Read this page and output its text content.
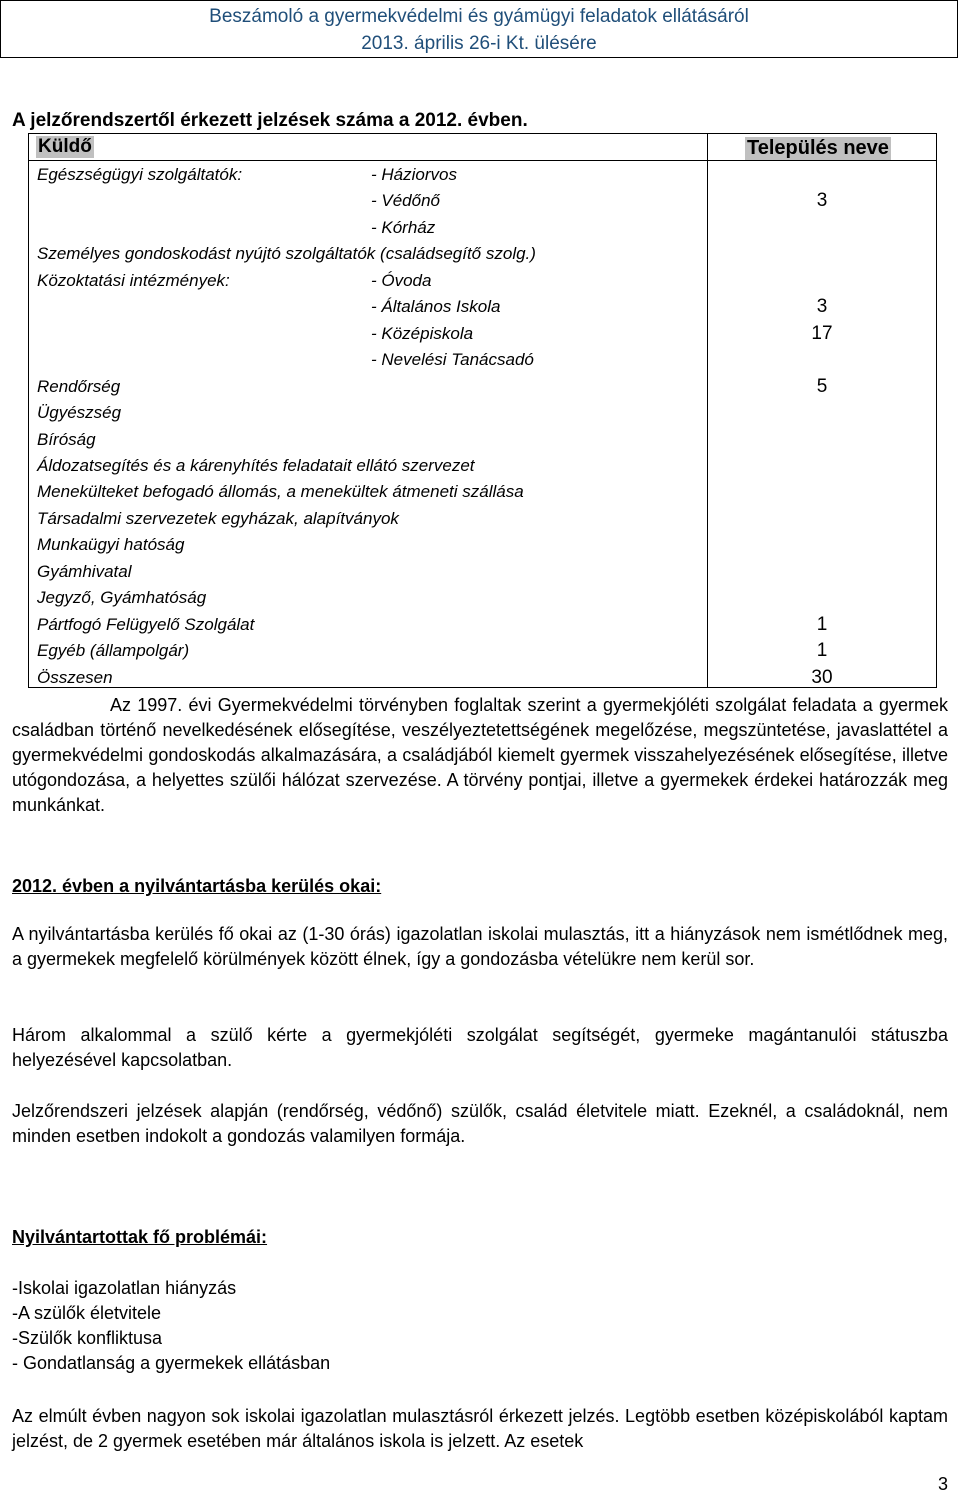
Beszámoló a gyermekvédelmi és gyámügyi feladatok ellátásáról
2013. április 26-i Kt. ülésére
A jelzőrendszertől érkezett jelzések száma a 2012. évben.
Küldő	Település neve
Egészségügyi szolgáltatók:	- Háziorvos
- Védőnő	3
- Kórház
Személyes gondoskodást nyújtó szolgáltatók (családsegítő szolg.)
Közoktatási intézmények:	- Óvoda
- Általános Iskola	3
- Középiskola	17
- Nevelési Tanácsadó
Rendőrség	5
Ügyészség
Bíróság
Áldozatsegítés és a kárenyhítés feladatait ellátó szervezet
Menekülteket befogadó állomás, a menekültek átmeneti szállása
Társadalmi szervezetek egyházak, alapítványok
Munkaügyi hatóság
Gyámhivatal
Jegyző, Gyámhatóság
Pártfogó Felügyelő Szolgálat	1
Egyéb (állampolgár)	1
Összesen	30
Az 1997. évi Gyermekvédelmi törvényben foglaltak szerint a gyermekjóléti szolgálat feladata a gyermek családban történő nevelkedésének elősegítése, veszélyeztetettségének megelőzése, megszüntetése, javaslattétel a gyermekvédelmi gondoskodás alkalmazására, a családjából kiemelt gyermek visszahelyezésének elősegítése, illetve utógondozása, a helyettes szülői hálózat szervezése. A törvény pontjai, illetve a gyermekek érdekei határozzák meg munkánkat.
2012. évben a nyilvántartásba kerülés okai:
A nyilvántartásba kerülés fő okai az (1-30 órás) igazolatlan iskolai mulasztás, itt a hiányzások nem ismétlődnek meg, a gyermekek megfelelő körülmények között élnek, így a gondozásba vételükre nem kerül sor.
Három alkalommal a szülő kérte a gyermekjóléti szolgálat segítségét, gyermeke magántanulói státuszba helyezésével kapcsolatban.
Jelzőrendszeri jelzések alapján (rendőrség, védőnő) szülők, család életvitele miatt. Ezeknél, a családoknál, nem minden esetben indokolt a gondozás valamilyen formája.
Nyilvántartottak fő problémái:
-Iskolai igazolatlan hiányzás
-A szülők életvitele
-Szülők konfliktusa
- Gondatlanság a gyermekek ellátásban
Az elmúlt évben nagyon sok iskolai igazolatlan mulasztásról érkezett jelzés. Legtöbb esetben középiskolából kaptam jelzést, de 2 gyermek esetében már általános iskola is jelzett. Az esetek
3
